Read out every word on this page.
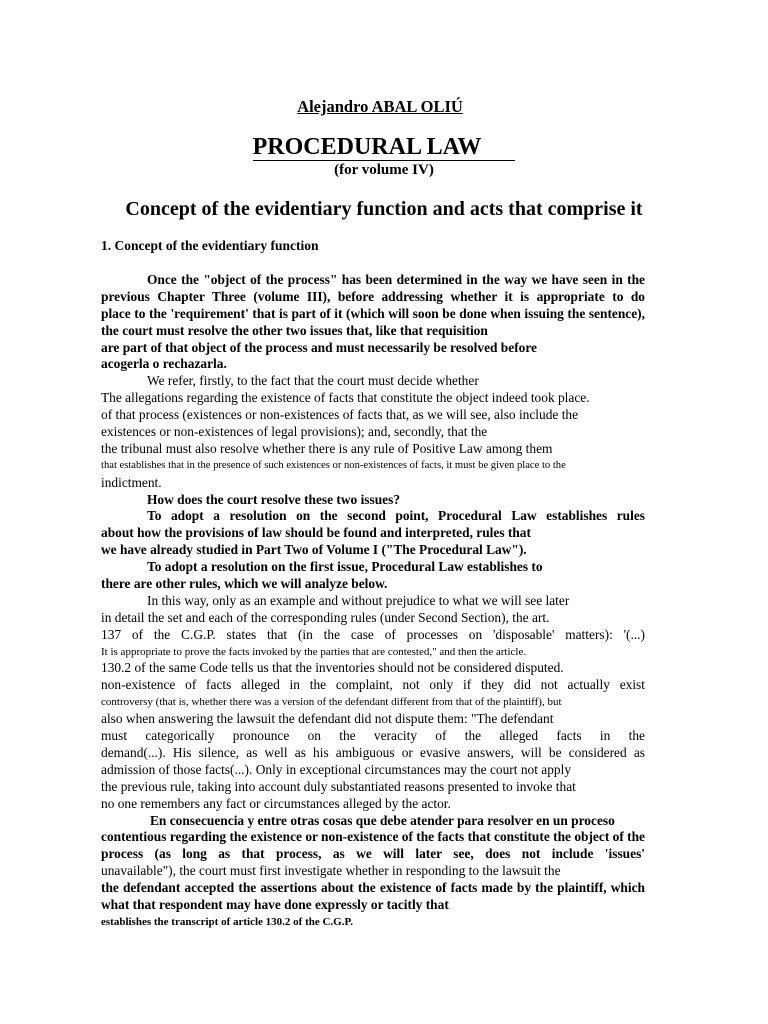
Alejandro ABAL OLIÚ
PROCEDURAL LAW
(for volume IV)
Concept of the evidentiary function and acts that comprise it
1. Concept of the evidentiary function
Once the "object of the process" has been determined in the way we have seen in the
previous Chapter Three (volume III), before addressing whether it is appropriate to do
place to the 'requirement' that is part of it (which will soon be done when issuing the sentence),
the court must resolve the other two issues that, like that requisition
are part of that object of the process and must necessarily be resolved before
acogerla o rechazarla.
We refer, firstly, to the fact that the court must decide whether
The allegations regarding the existence of facts that constitute the object indeed took place.
of that process (existences or non-existences of facts that, as we will see, also include the
existences or non-existences of legal provisions); and, secondly, that the
the tribunal must also resolve whether there is any rule of Positive Law among them
that establishes that in the presence of such existences or non-existences of facts, it must be given place to the
indictment.
How does the court resolve these two issues?
To adopt a resolution on the second point, Procedural Law establishes rules
about how the provisions of law should be found and interpreted, rules that
we have already studied in Part Two of Volume I ("The Procedural Law").
To adopt a resolution on the first issue, Procedural Law establishes to
there are other rules, which we will analyze below.
In this way, only as an example and without prejudice to what we will see later
in detail the set and each of the corresponding rules (under Second Section), the art.
137 of the C.G.P. states that (in the case of processes on 'disposable' matters): '(...)
It is appropriate to prove the facts invoked by the parties that are contested," and then the article.
130.2 of the same Code tells us that the inventories should not be considered disputed.
non-existence of facts alleged in the complaint, not only if they did not actually exist
controversy (that is, whether there was a version of the defendant different from that of the plaintiff), but
also when answering the lawsuit the defendant did not dispute them: "The defendant
must categorically pronounce on the veracity of the alleged facts in the
demand(...). His silence, as well as his ambiguous or evasive answers, will be considered as
admission of those facts(...). Only in exceptional circumstances may the court not apply
the previous rule, taking into account duly substantiated reasons presented to invoke that
no one remembers any fact or circumstances alleged by the actor.
En consecuencia y entre otras cosas que debe atender para resolver en un proceso
contentious regarding the existence or non-existence of the facts that constitute the object of the
process (as long as that process, as we will later see, does not include 'issues'
unavailable"), the court must first investigate whether in responding to the lawsuit the
the defendant accepted the assertions about the existence of facts made by the plaintiff, which
what that respondent may have done expressly or tacitly that
establishes the transcript of article 130.2 of the C.G.P.
